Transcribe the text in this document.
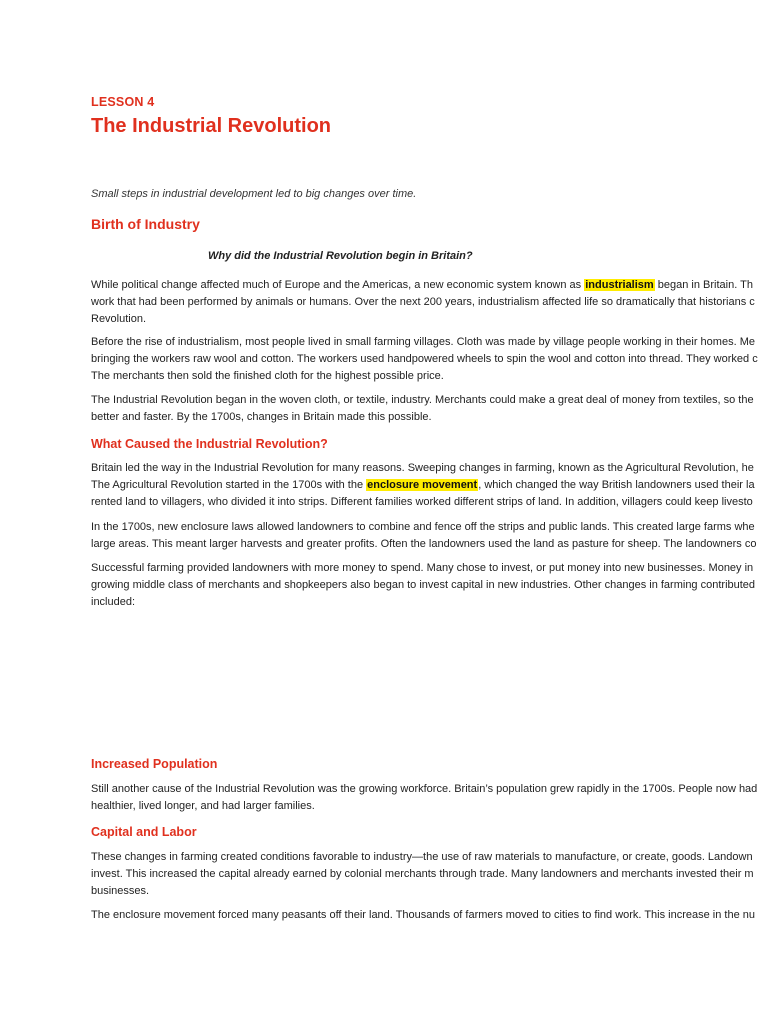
LESSON 4
The Industrial Revolution
Small steps in industrial development led to big changes over time.
Birth of Industry
Why did the Industrial Revolution begin in Britain?
While political change affected much of Europe and the Americas, a new economic system known as industrialism began in Britain. Th
work that had been performed by animals or humans. Over the next 200 years, industrialism affected life so dramatically that historians c
Revolution.
Before the rise of industrialism, most people lived in small farming villages. Cloth was made by village people working in their homes. Me
bringing the workers raw wool and cotton. The workers used handpowered wheels to spin the wool and cotton into thread. They worked c
The merchants then sold the finished cloth for the highest possible price.
The Industrial Revolution began in the woven cloth, or textile, industry. Merchants could make a great deal of money from textiles, so the
better and faster. By the 1700s, changes in Britain made this possible.
What Caused the Industrial Revolution?
Britain led the way in the Industrial Revolution for many reasons. Sweeping changes in farming, known as the Agricultural Revolution, he
The Agricultural Revolution started in the 1700s with the enclosure movement, which changed the way British landowners used their la
rented land to villagers, who divided it into strips. Different families worked different strips of land. In addition, villagers could keep livesto
In the 1700s, new enclosure laws allowed landowners to combine and fence off the strips and public lands. This created large farms whe
large areas. This meant larger harvests and greater profits. Often the landowners used the land as pasture for sheep. The landowners co
Successful farming provided landowners with more money to spend. Many chose to invest, or put money into new businesses. Money in
growing middle class of merchants and shopkeepers also began to invest capital in new industries. Other changes in farming contributed
included:
Increased Population
Still another cause of the Industrial Revolution was the growing workforce. Britain’s population grew rapidly in the 1700s. People now had
healthier, lived longer, and had larger families.
Capital and Labor
These changes in farming created conditions favorable to industry—the use of raw materials to manufacture, or create, goods. Landown
invest. This increased the capital already earned by colonial merchants through trade. Many landowners and merchants invested their m
businesses.
The enclosure movement forced many peasants off their land. Thousands of farmers moved to cities to find work. This increase in the nu
